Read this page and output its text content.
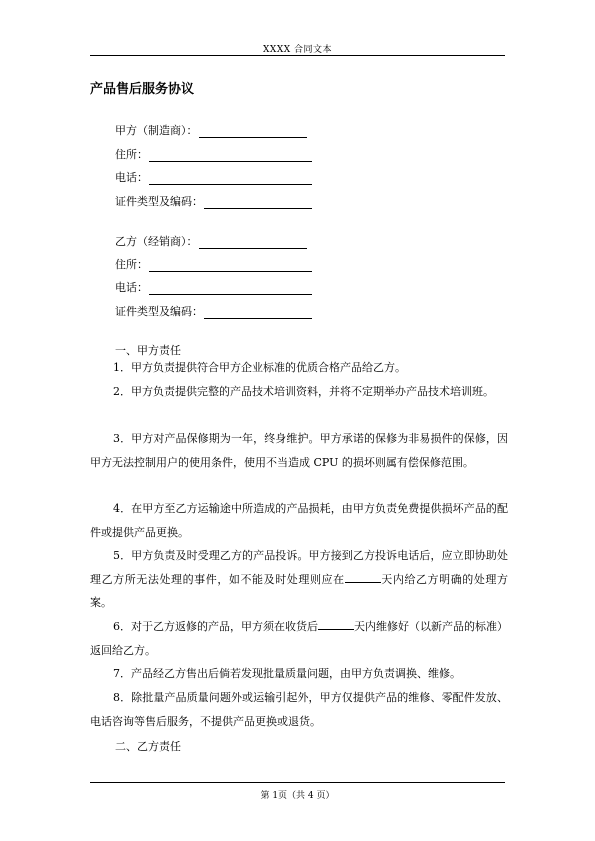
XXXX 合同文本
产品售后服务协议
甲方（制造商）：
住所：
电话：
证件类型及编码：
乙方（经销商）：
住所：
电话：
证件类型及编码：
一、甲方责任
1．甲方负责提供符合甲方企业标准的优质合格产品给乙方。
2．甲方负责提供完整的产品技术培训资料，并将不定期举办产品技术培训班。
3．甲方对产品保修期为一年，终身维护。甲方承诺的保修为非易损件的保修，因甲方无法控制用户的使用条件，使用不当造成 CPU 的损坏则属有偿保修范围。
4．在甲方至乙方运输途中所造成的产品损耗，由甲方负责免费提供损坏产品的配件或提供产品更换。
5．甲方负责及时受理乙方的产品投诉。甲方接到乙方投诉电话后，应立即协助处理乙方所无法处理的事件，如不能及时处理则应在	天内给乙方明确的处理方案。
6．对于乙方返修的产品，甲方须在收货后	天内维修好（以新产品的标准）返回给乙方。
7．产品经乙方售出后倘若发现批量质量问题，由甲方负责调换、维修。
8．除批量产品质量问题外或运输引起外，甲方仅提供产品的维修、零配件发放、电话咨询等售后服务，不提供产品更换或退货。
二、乙方责任
第 1页（共 4 页）
